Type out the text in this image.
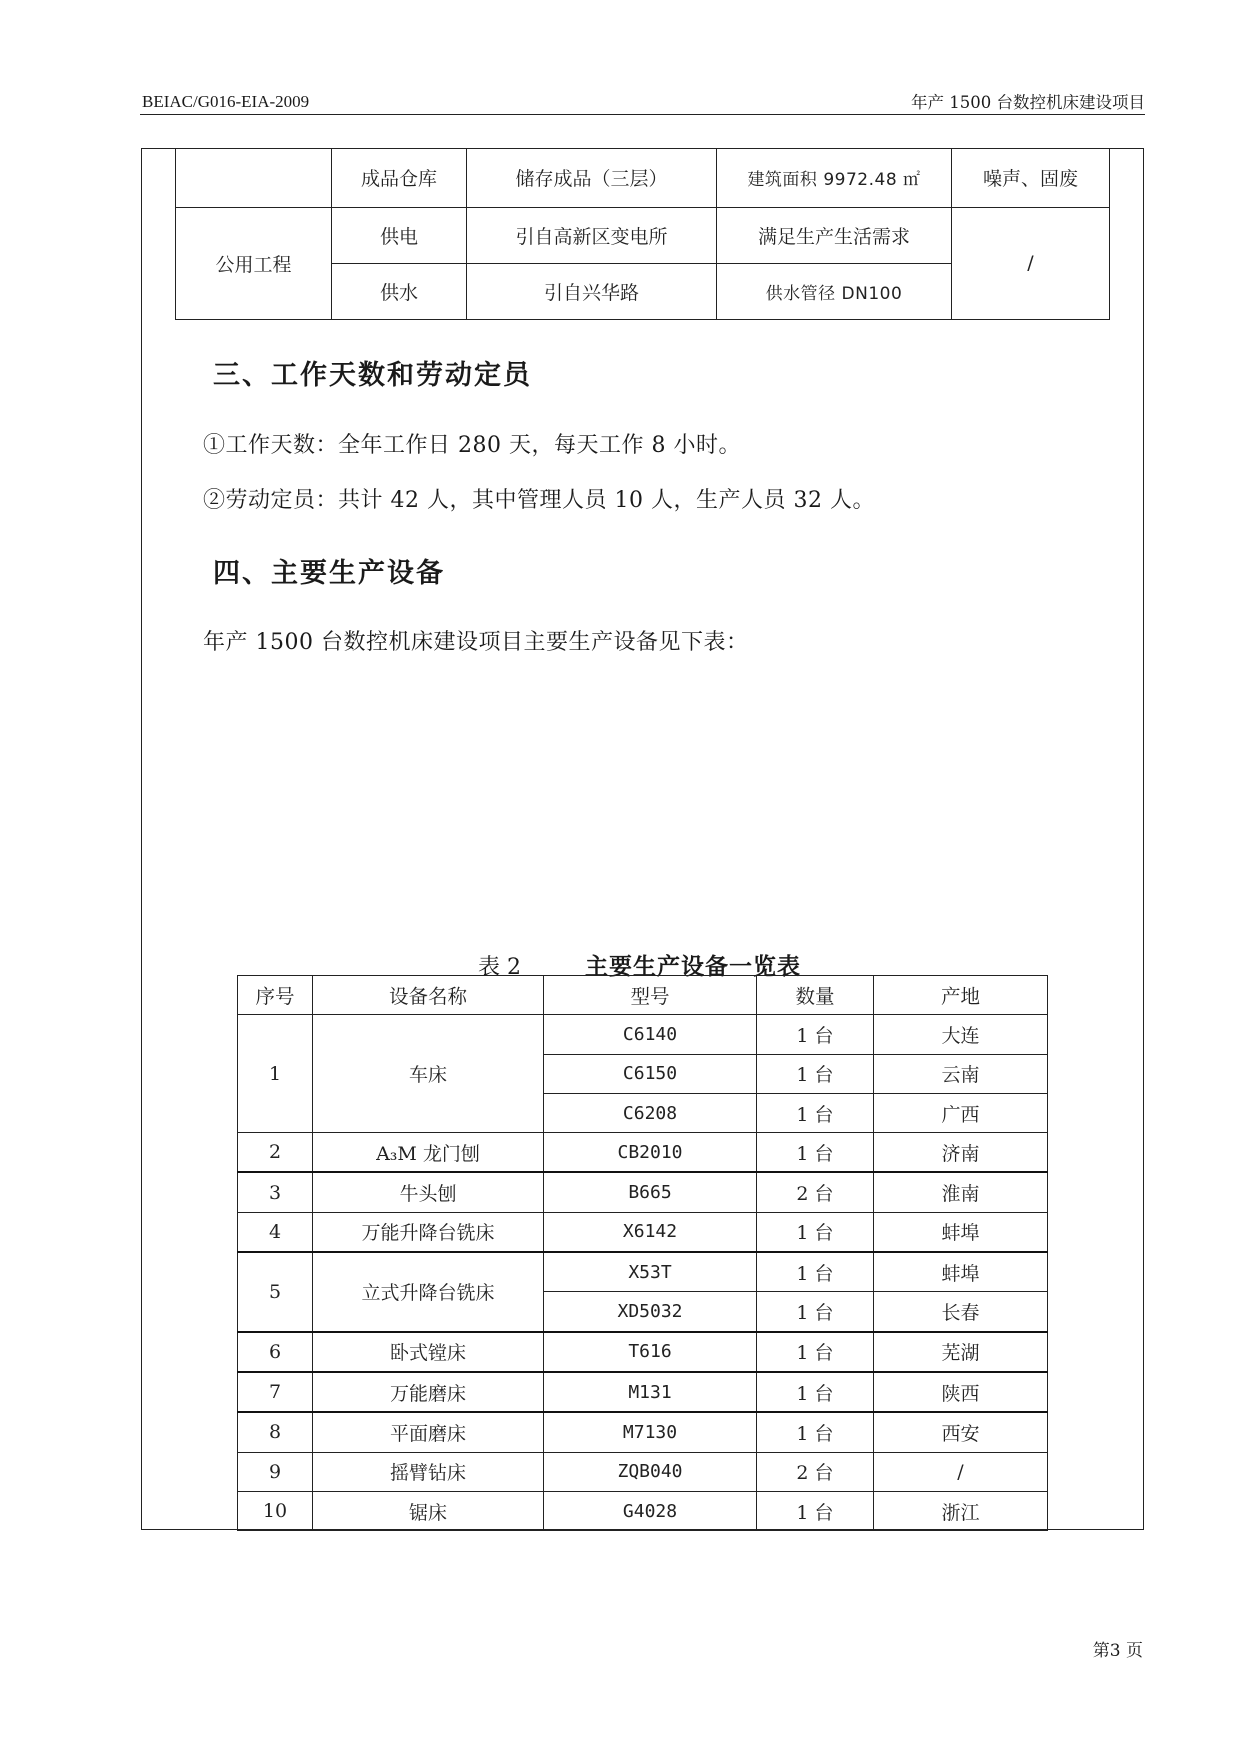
BEIAC/G016-EIA-2009	年产 1500 台数控机床建设项目
	成品仓库	储存成品（三层）	建筑面积 9972.48 ㎡	噪声、固废
公用工程	供电	引自高新区变电所	满足生产生活需求	/
	供水	引自兴华路	供水管径 DN100	
三、工作天数和劳动定员
①工作天数：全年工作日 280 天，每天工作 8 小时。
②劳动定员：共计 42 人，其中管理人员 10 人，生产人员 32 人。
四、主要生产设备
年产 1500 台数控机床建设项目主要生产设备见下表：
表 2	主要生产设备一览表
序号	设备名称	型号	数量	产地
1	车床	C6140	1 台	大连
		C6150	1 台	云南
		C6208	1 台	广西
2	A₃M 龙门刨	CB2010	1 台	济南
3	牛头刨	B665	2 台	淮南
4	万能升降台铣床	X6142	1 台	蚌埠
5	立式升降台铣床	X53T	1 台	蚌埠
		XD5032	1 台	长春
6	卧式镗床	T616	1 台	芜湖
7	万能磨床	M131	1 台	陕西
8	平面磨床	M7130	1 台	西安
9	摇臂钻床	ZQB040	2 台	/
10	锯床	G4028	1 台	浙江
第3 页
